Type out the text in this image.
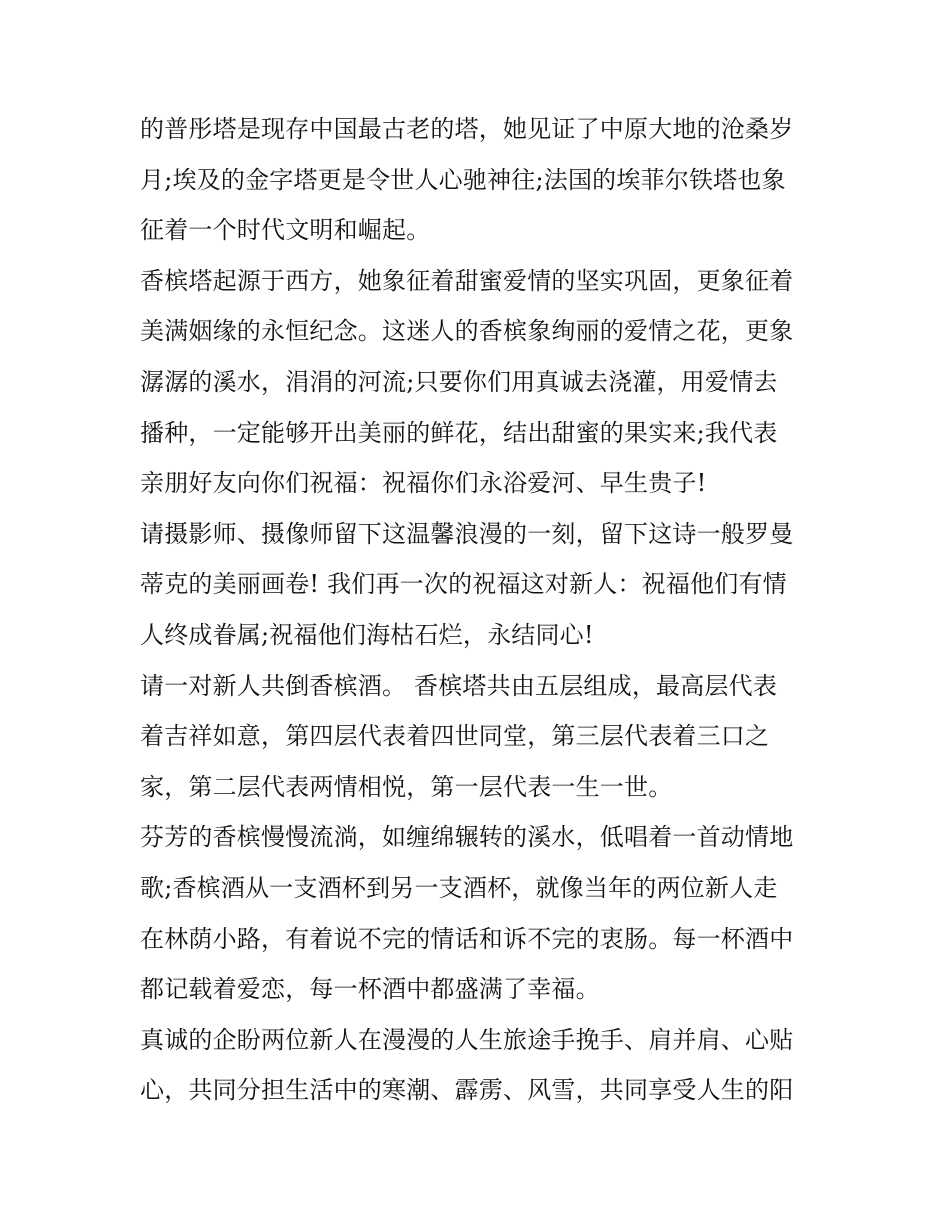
的普彤塔是现存中国最古老的塔，她见证了中原大地的沧桑岁
月;埃及的金字塔更是令世人心驰神往;法国的埃菲尔铁塔也象
征着一个时代文明和崛起。
香槟塔起源于西方，她象征着甜蜜爱情的坚实巩固，更象征着
美满姻缘的永恒纪念。这迷人的香槟象绚丽的爱情之花，更象
潺潺的溪水，涓涓的河流;只要你们用真诚去浇灌，用爱情去
播种，一定能够开出美丽的鲜花，结出甜蜜的果实来;我代表
亲朋好友向你们祝福：祝福你们永浴爱河、早生贵子!
请摄影师、摄像师留下这温馨浪漫的一刻，留下这诗一般罗曼
蒂克的美丽画卷! 我们再一次的祝福这对新人：祝福他们有情
人终成眷属;祝福他们海枯石烂，永结同心!
请一对新人共倒香槟酒。 香槟塔共由五层组成，最高层代表
着吉祥如意，第四层代表着四世同堂，第三层代表着三口之
家，第二层代表两情相悦，第一层代表一生一世。
芬芳的香槟慢慢流淌，如缠绵辗转的溪水，低唱着一首动情地
歌;香槟酒从一支酒杯到另一支酒杯，就像当年的两位新人走
在林荫小路，有着说不完的情话和诉不完的衷肠。每一杯酒中
都记载着爱恋，每一杯酒中都盛满了幸福。
真诚的企盼两位新人在漫漫的人生旅途手挽手、肩并肩、心贴
心，共同分担生活中的寒潮、霹雳、风雪，共同享受人生的阳
